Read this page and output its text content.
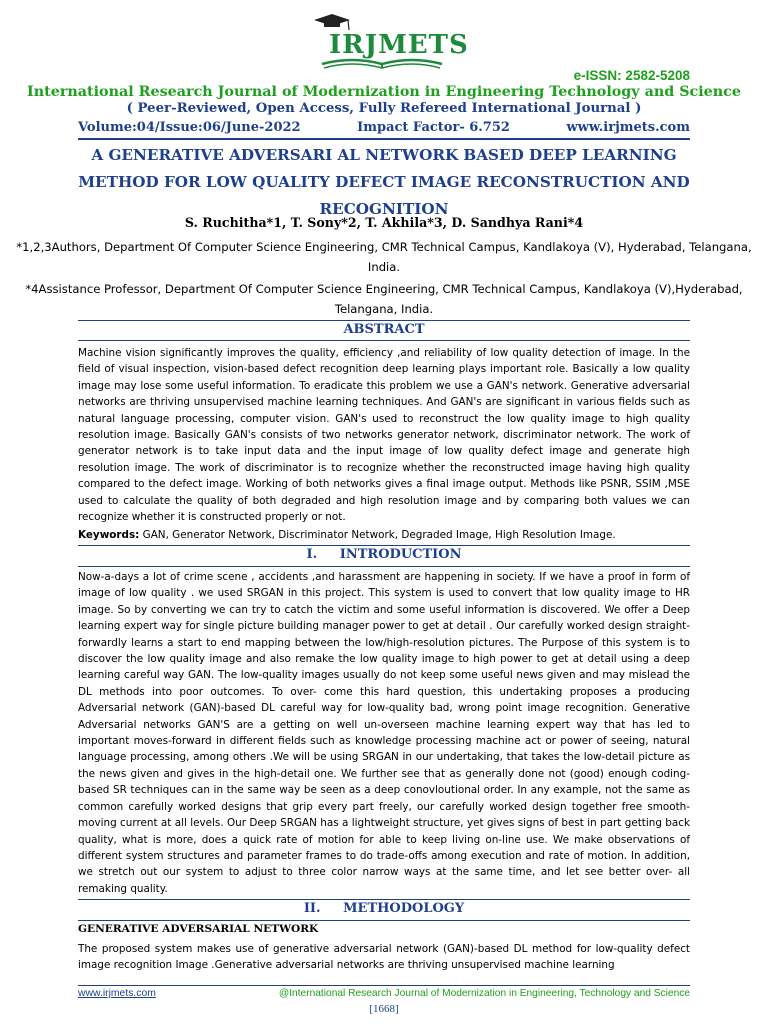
IRJMETS
e-ISSN: 2582-5208
International Research Journal of Modernization in Engineering Technology and Science
( Peer-Reviewed, Open Access, Fully Refereed International Journal )
Volume:04/Issue:06/June-2022	Impact Factor- 6.752	www.irjmets.com
A GENERATIVE ADVERSARI AL NETWORK BASED DEEP LEARNING METHOD FOR LOW QUALITY DEFECT IMAGE RECONSTRUCTION AND RECOGNITION
S. Ruchitha*1, T. Sony*2, T. Akhila*3, D. Sandhya Rani*4
*1,2,3Authors, Department Of Computer Science Engineering, CMR Technical Campus, Kandlakoya (V), Hyderabad, Telangana, India.
*4Assistance Professor, Department Of Computer Science Engineering, CMR Technical Campus, Kandlakoya (V),Hyderabad, Telangana, India.
ABSTRACT
Machine vision significantly improves the quality, efficiency ,and reliability of low quality detection of image. In the field of visual inspection, vision-based defect recognition deep learning plays important role. Basically a low quality image may lose some useful information. To eradicate this problem we use a GAN's network. Generative adversarial networks are thriving unsupervised machine learning techniques. And GAN's are significant in various fields such as natural language processing, computer vision. GAN's used to reconstruct the low quality image to high quality resolution image. Basically GAN's consists of two networks generator network, discriminator network. The work of generator network is to take input data and the input image of low quality defect image and generate high resolution image. The work of discriminator is to recognize whether the reconstructed image having high quality compared to the defect image. Working of both networks gives a final image output. Methods like PSNR, SSIM ,MSE used to calculate the quality of both degraded and high resolution image and by comparing both values we can recognize whether it is constructed properly or not.
Keywords: GAN, Generator Network, Discriminator Network, Degraded Image, High Resolution Image.
I. INTRODUCTION
Now-a-days a lot of crime scene , accidents ,and harassment are happening in society. If we have a proof in form of image of low quality . we used SRGAN in this project. This system is used to convert that low quality image to HR image. So by converting we can try to catch the victim and some useful information is discovered. We offer a Deep learning expert way for single picture building manager power to get at detail . Our carefully worked design straight-forwardly learns a start to end mapping between the low/high-resolution pictures. The Purpose of this system is to discover the low quality image and also remake the low quality image to high power to get at detail using a deep learning careful way GAN. The low-quality images usually do not keep some useful news given and may mislead the DL methods into poor outcomes. To over- come this hard question, this undertaking proposes a producing Adversarial network (GAN)-based DL careful way for low-quality bad, wrong point image recognition. Generative Adversarial networks GAN'S are a getting on well un-overseen machine learning expert way that has led to important moves-forward in different fields such as knowledge processing machine act or power of seeing, natural language processing, among others .We will be using SRGAN in our undertaking, that takes the low-detail picture as the news given and gives in the high-detail one. We further see that as generally done not (good) enough coding-based SR techniques can in the same way be seen as a deep conovloutional order. In any example, not the same as common carefully worked designs that grip every part freely, our carefully worked design together free smooth-moving current at all levels. Our Deep SRGAN has a lightweight structure, yet gives signs of best in part getting back quality, what is more, does a quick rate of motion for able to keep living on-line use. We make observations of different system structures and parameter frames to do trade-offs among execution and rate of motion. In addition, we stretch out our system to adjust to three color narrow ways at the same time, and let see better over- all remaking quality.
II. METHODOLOGY
GENERATIVE ADVERSARIAL NETWORK
The proposed system makes use of generative adversarial network (GAN)-based DL method for low-quality defect image recognition Image .Generative adversarial networks are thriving unsupervised machine learning
www.irjmets.com	@International Research Journal of Modernization in Engineering, Technology and Science
[1668]
